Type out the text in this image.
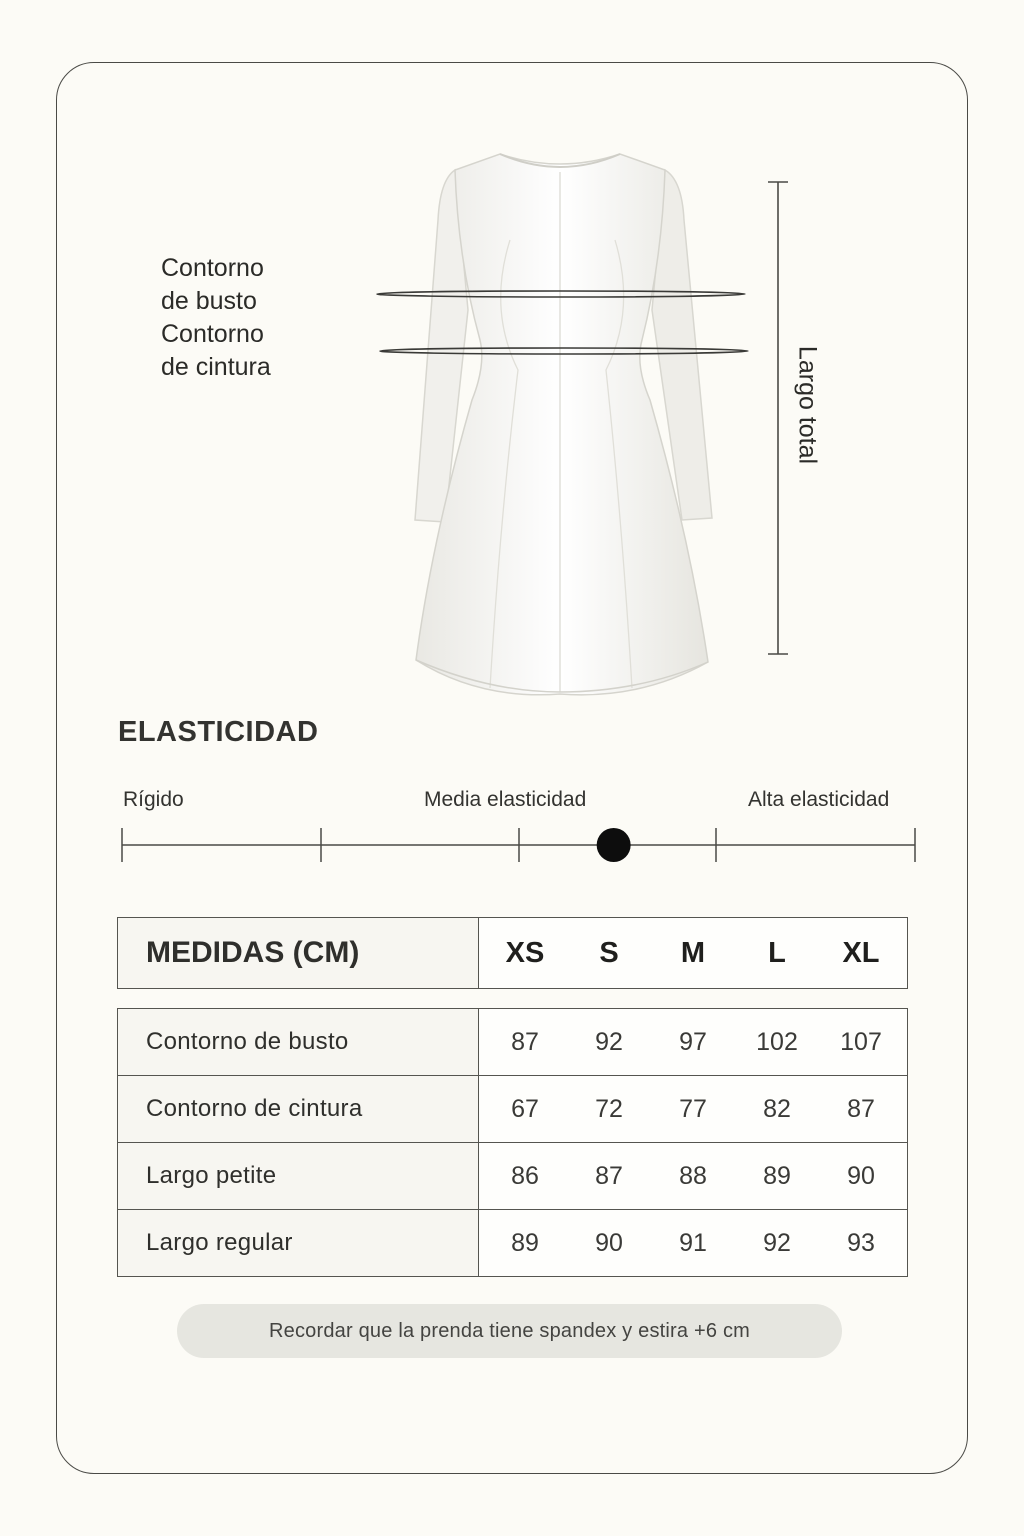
Contorno
de busto
Contorno
de cintura	Largo total
ELASTICIDAD
Rígido	Media elasticidad	Alta elasticidad
MEDIDAS (CM)	XS	S	M	L	XL
Contorno de busto	87 92 97 102 107

Contorno de cintura	67 72 77 82 87

Largo petite	86 87 88 89 90

Largo regular	89 90 91 92 93
Recordar que la prenda tiene spandex y estira +6 cm
